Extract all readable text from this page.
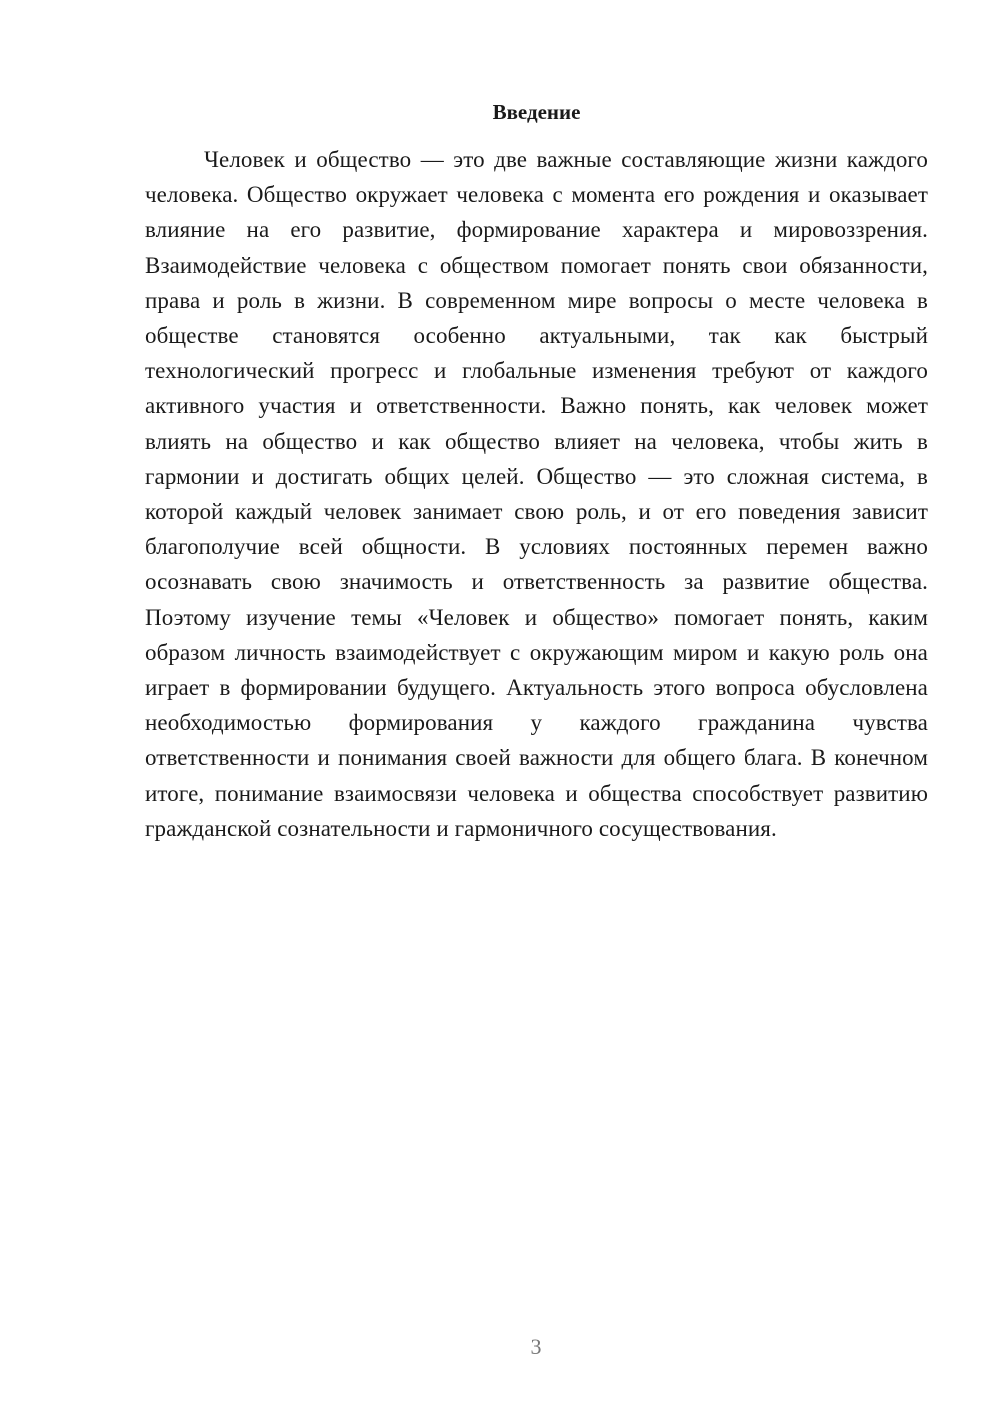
Введение

Человек и общество — это две важные составляющие жизни каждого человека. Общество окружает человека с момента его рождения и оказывает влияние на его развитие, формирование характера и мировоззрения. Взаимодействие человека с обществом помогает понять свои обязанности, права и роль в жизни. В современном мире вопросы о месте человека в обществе становятся особенно актуальными, так как быстрый технологический прогресс и глобальные изменения требуют от каждого активного участия и ответственности. Важно понять, как человек может влиять на общество и как общество влияет на человека, чтобы жить в гармонии и достигать общих целей. Общество — это сложная система, в которой каждый человек занимает свою роль, и от его поведения зависит благополучие всей общности. В условиях постоянных перемен важно осознавать свою значимость и ответственность за развитие общества. Поэтому изучение темы «Человек и общество» помогает понять, каким образом личность взаимодействует с окружающим миром и какую роль она играет в формировании будущего. Актуальность этого вопроса обусловлена необходимостью формирования у каждого гражданина чувства ответственности и понимания своей важности для общего блага. В конечном итоге, понимание взаимосвязи человека и общества способствует развитию гражданской сознательности и гармоничного сосуществования.

3
